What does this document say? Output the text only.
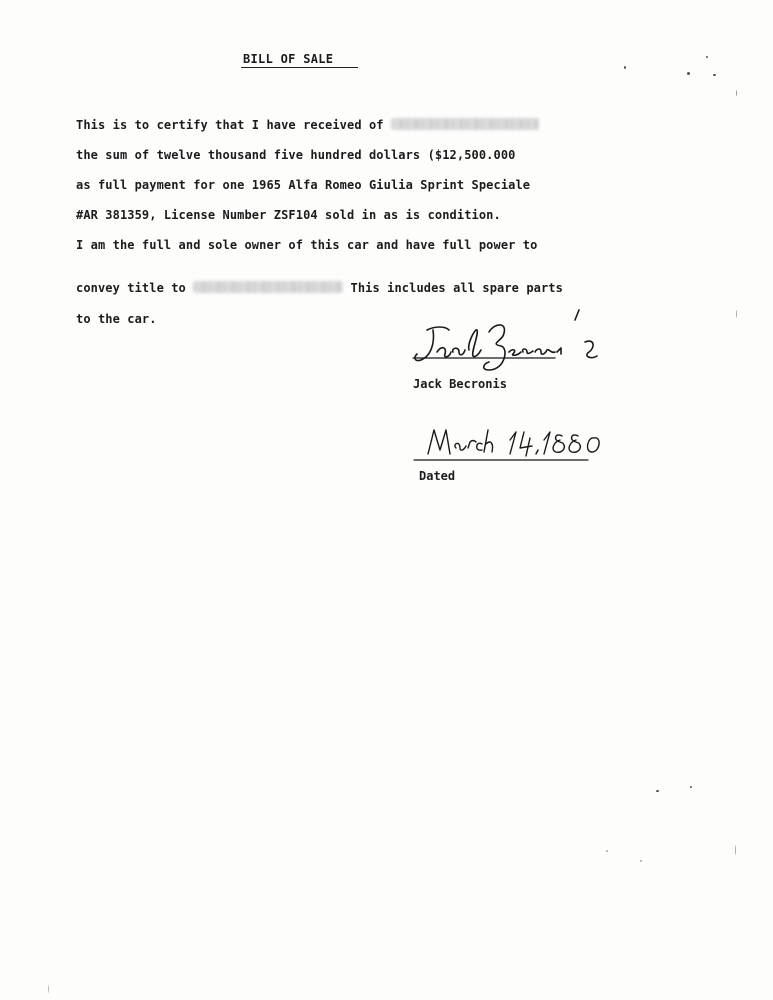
BILL OF SALE
This is to certify that I have received of
the sum of twelve thousand five hundred dollars ($12,500.000
as full payment for one 1965 Alfa Romeo Giulia Sprint Speciale
#AR 381359, License Number ZSF104 sold in as is condition.
I am the full and sole owner of this car and have full power to
convey title to	This includes all spare parts
to the car.
Jack Becronis
Dated
